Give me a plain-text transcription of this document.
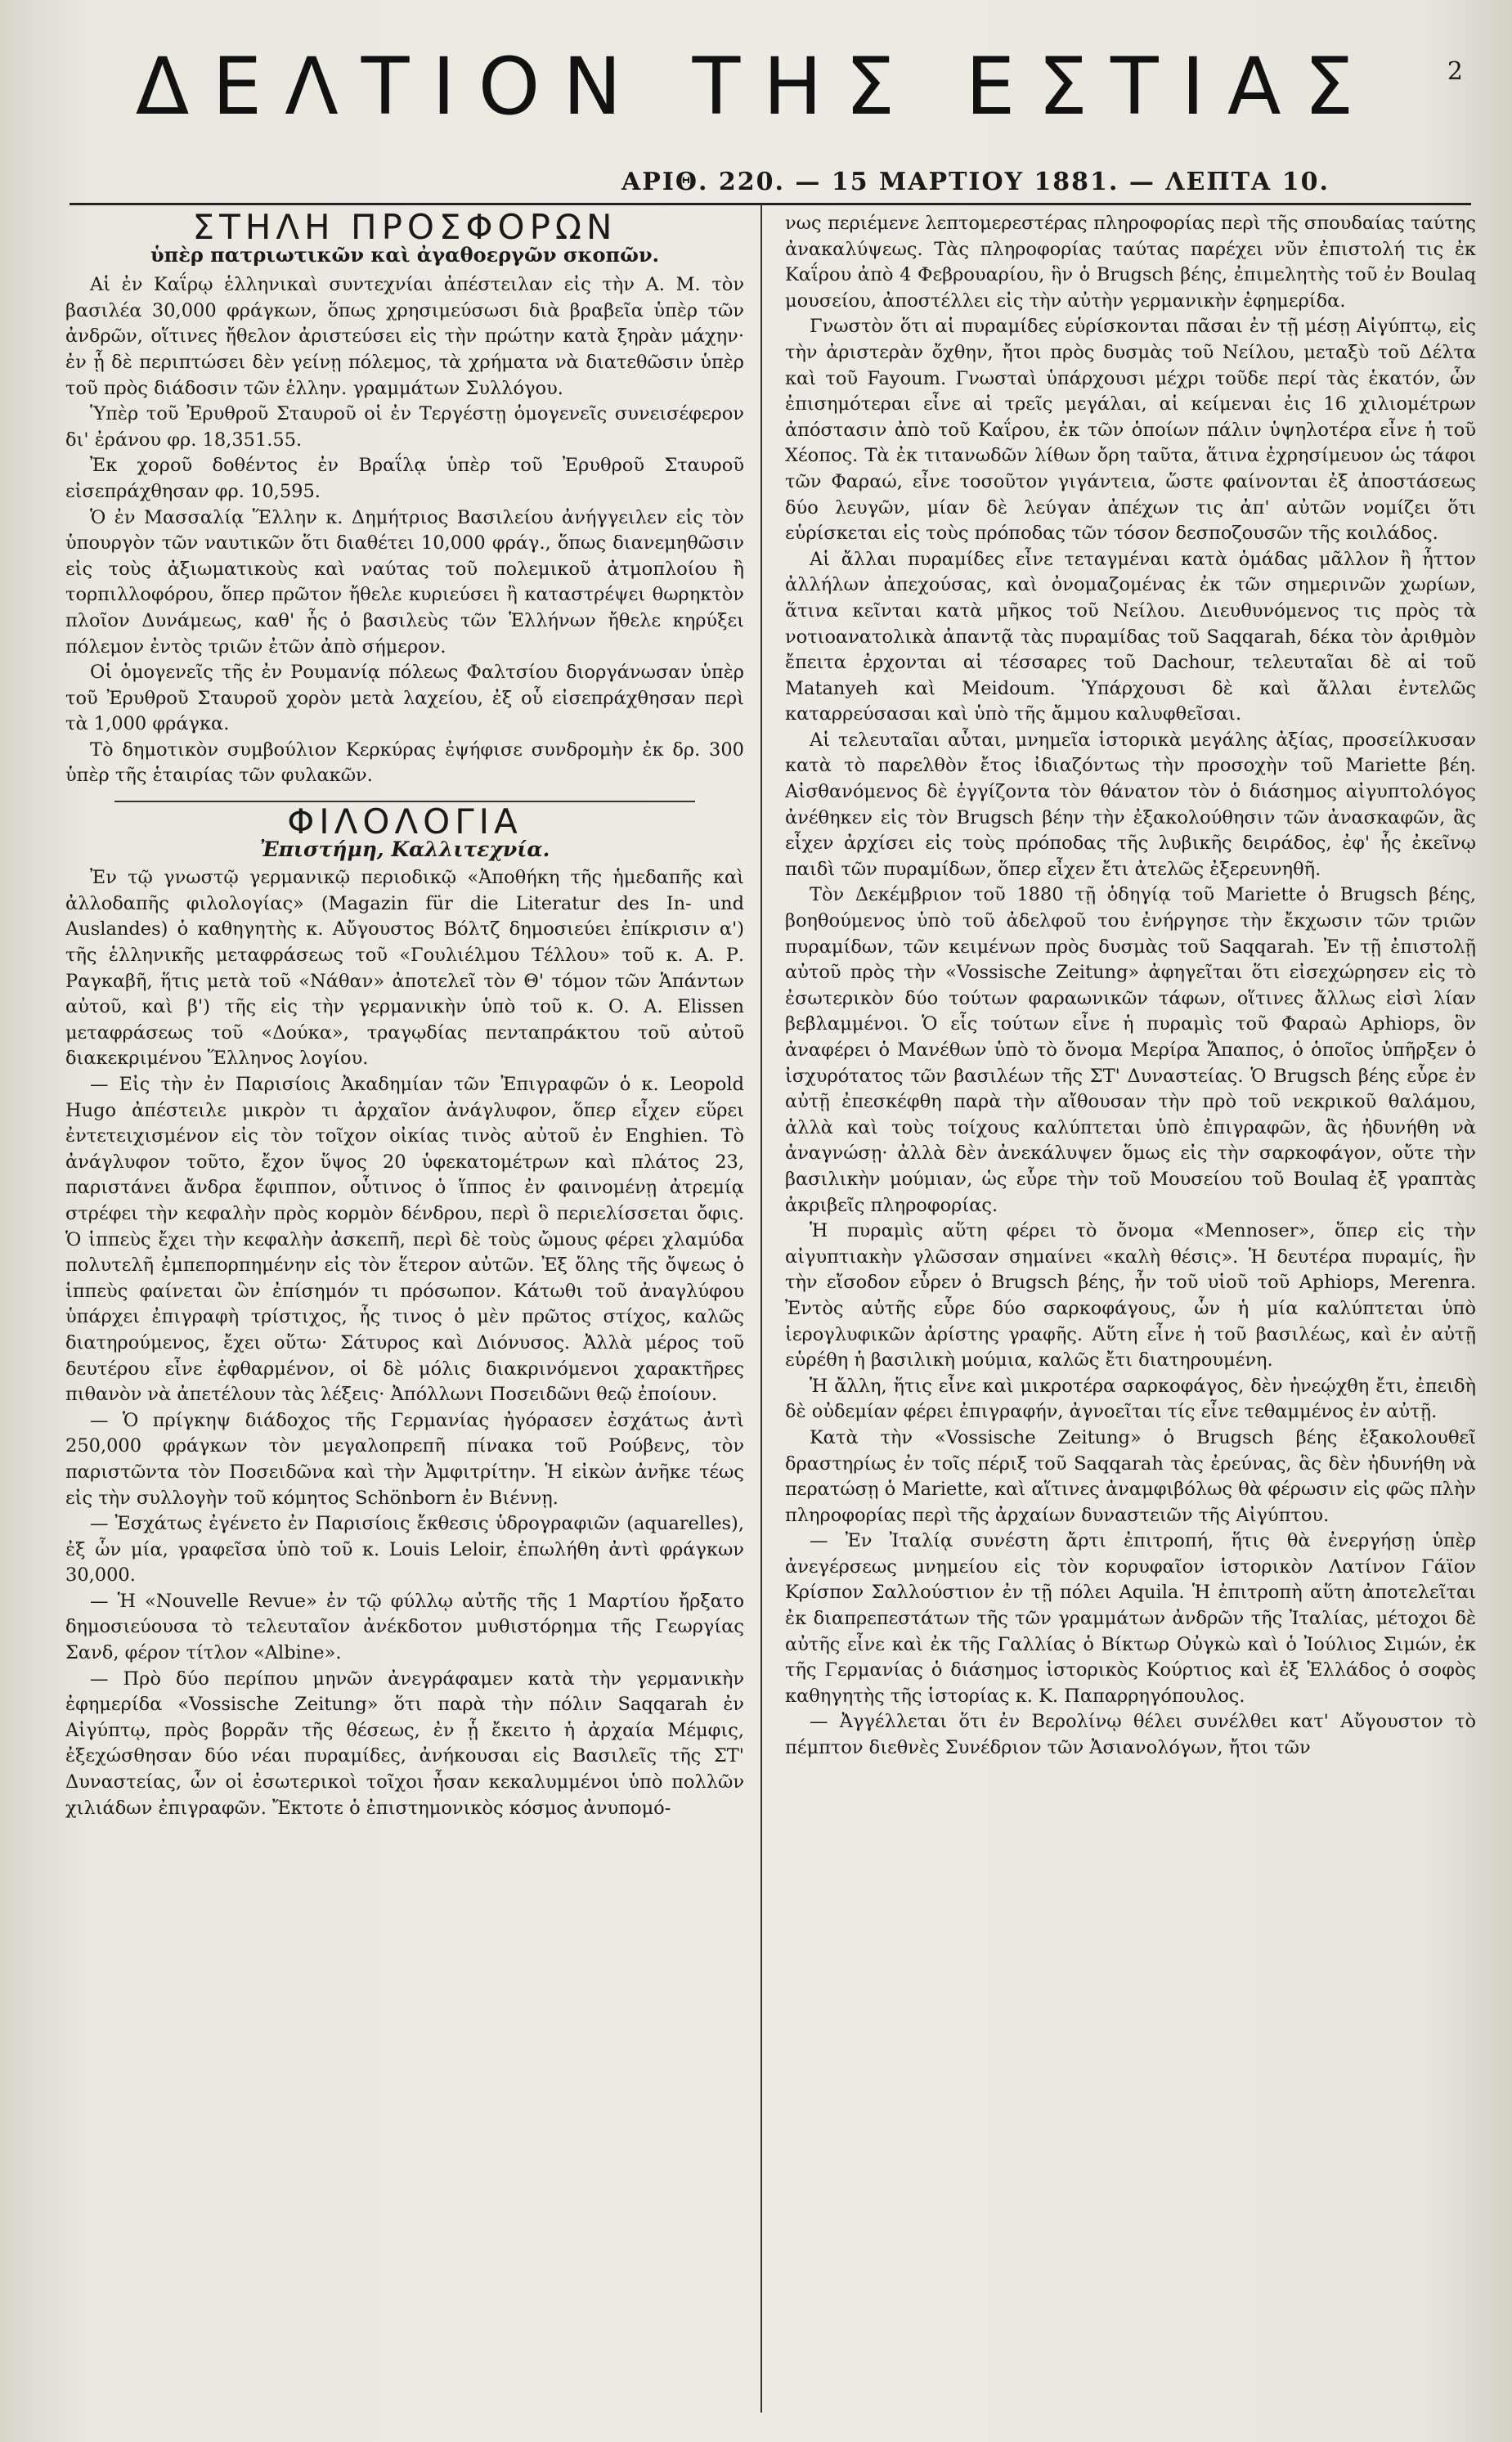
ΔΕΛΤΙΟΝ ΤΗΣ ΕΣΤΙΑΣ	2
ΑΡΙΘ. 220. — 15 ΜΑΡΤΙΟΥ 1881. — ΛΕΠΤΑ 10.
ΣΤΗΛΗ ΠΡΟΣΦΟΡΩΝ
ὑπὲρ πατριωτικῶν καὶ ἀγαθοεργῶν σκοπῶν.

Αἱ ἐν Καΐρῳ ἑλληνικαὶ συντεχνίαι ἀπέστειλαν εἰς τὴν Α. Μ. τὸν βασιλέα 30,000 φράγκων, ὅπως χρησιμεύσωσι διὰ βραβεῖα ὑπὲρ τῶν ἀνδρῶν, οἵτινες ἤθελον ἀριστεύσει εἰς τὴν πρώτην κατὰ ξηρὰν μάχην· ἐν ᾗ δὲ περιπτώσει δὲν γείνῃ πόλεμος, τὰ χρήματα νὰ διατεθῶσιν ὑπὲρ τοῦ πρὸς διάδοσιν τῶν ἑλλην. γραμμάτων Συλλόγου.

Ὑπὲρ τοῦ Ἐρυθροῦ Σταυροῦ οἱ ἐν Τεργέστῃ ὁμογενεῖς συνεισέφερον δι' ἐράνου φρ. 18,351.55.

Ἐκ χοροῦ δοθέντος ἐν Βραΐλᾳ ὑπὲρ τοῦ Ἐρυθροῦ Σταυροῦ εἰσεπράχθησαν φρ. 10,595.

Ὁ ἐν Μασσαλίᾳ Ἕλλην κ. Δημήτριος Βασιλείου ἀνήγγειλεν εἰς τὸν ὑπουργὸν τῶν ναυτικῶν ὅτι διαθέτει 10,000 φράγ., ὅπως διανεμηθῶσιν εἰς τοὺς ἀξιωματικοὺς καὶ ναύτας τοῦ πολεμικοῦ ἀτμοπλοίου ἢ τορπιλλοφόρου, ὅπερ πρῶτον ἤθελε κυριεύσει ἢ καταστρέψει θωρηκτὸν πλοῖον Δυνάμεως, καθ' ἧς ὁ βασιλεὺς τῶν Ἑλλήνων ἤθελε κηρύξει πόλεμον ἐντὸς τριῶν ἐτῶν ἀπὸ σήμερον.

Οἱ ὁμογενεῖς τῆς ἐν Ρουμανίᾳ πόλεως Φαλτσίου διοργάνωσαν ὑπὲρ τοῦ Ἐρυθροῦ Σταυροῦ χορὸν μετὰ λαχείου, ἐξ οὗ εἰσεπράχθησαν περὶ τὰ 1,000 φράγκα.

Τὸ δημοτικὸν συμβούλιον Κερκύρας ἐψήφισε συνδρομὴν ἐκ δρ. 300 ὑπὲρ τῆς ἑταιρίας τῶν φυλακῶν.

ΦΙΛΟΛΟΓΙΑ
Ἐπιστήμη, Καλλιτεχνία.

Ἐν τῷ γνωστῷ γερμανικῷ περιοδικῷ «Ἀποθήκη τῆς ἡμεδαπῆς καὶ ἀλλοδαπῆς φιλολογίας» (Magazin für die Literatur des In- und Auslandes) ὁ καθηγητὴς κ. Αὔγουστος Βόλτζ δημοσιεύει ἐπίκρισιν α') τῆς ἑλληνικῆς μεταφράσεως τοῦ «Γουλιέλμου Τέλλου» τοῦ κ. Α. Ρ. Ραγκαβῆ, ἥτις μετὰ τοῦ «Νάθαν» ἀποτελεῖ τὸν Θ' τόμον τῶν Ἁπάντων αὐτοῦ, καὶ β') τῆς εἰς τὴν γερμανικὴν ὑπὸ τοῦ κ. Ο. Α. Elissen μεταφράσεως τοῦ «Δούκα», τραγῳδίας πενταπράκτου τοῦ αὐτοῦ διακεκριμένου Ἕλληνος λογίου.

— Εἰς τὴν ἐν Παρισίοις Ἀκαδημίαν τῶν Ἐπιγραφῶν ὁ κ. Leopold Hugo ἀπέστειλε μικρὸν τι ἀρχαῖον ἀνάγλυφον, ὅπερ εἶχεν εὕρει ἐντετειχισμένον εἰς τὸν τοῖχον οἰκίας τινὸς αὐτοῦ ἐν Enghien. Τὸ ἀνάγλυφον τοῦτο, ἔχον ὕψος 20 ὑφεκατομέτρων καὶ πλάτος 23, παριστάνει ἄνδρα ἔφιππον, οὗτινος ὁ ἵππος ἐν φαινομένῃ ἀτρεμίᾳ στρέφει τὴν κεφαλὴν πρὸς κορμὸν δένδρου, περὶ ὃ περιελίσσεται ὄφις. Ὁ ἱππεὺς ἔχει τὴν κεφαλὴν ἀσκεπῆ, περὶ δὲ τοὺς ὤμους φέρει χλαμύδα πολυτελῆ ἐμπεπορπημένην εἰς τὸν ἕτερον αὐτῶν. Ἐξ ὅλης τῆς ὄψεως ὁ ἱππεὺς φαίνεται ὢν ἐπίσημόν τι πρόσωπον. Κάτωθι τοῦ ἀναγλύφου ὑπάρχει ἐπιγραφὴ τρίστιχος, ἧς τινος ὁ μὲν πρῶτος στίχος, καλῶς διατηρούμενος, ἔχει οὕτω· Σάτυρος καὶ Διόνυσος. Ἀλλὰ μέρος τοῦ δευτέρου εἶνε ἐφθαρμένον, οἱ δὲ μόλις διακρινόμενοι χαρακτῆρες πιθανὸν νὰ ἀπετέλουν τὰς λέξεις· Ἀπόλλωνι Ποσειδῶνι θεῷ ἐποίουν.

— Ὁ πρίγκηψ διάδοχος τῆς Γερμανίας ἠγόρασεν ἐσχάτως ἀντὶ 250,000 φράγκων τὸν μεγαλοπρεπῆ πίνακα τοῦ Ρούβενς, τὸν παριστῶντα τὸν Ποσειδῶνα καὶ τὴν Ἀμφιτρίτην. Ἡ εἰκὼν ἀνῆκε τέως εἰς τὴν συλλογὴν τοῦ κόμητος Schönborn ἐν Βιέννῃ.

— Ἐσχάτως ἐγένετο ἐν Παρισίοις ἔκθεσις ὑδρογραφιῶν (aquarelles), ἐξ ὧν μία, γραφεῖσα ὑπὸ τοῦ κ. Louis Leloir, ἐπωλήθη ἀντὶ φράγκων 30,000.

— Ἡ «Nouvelle Revue» ἐν τῷ φύλλῳ αὐτῆς τῆς 1 Μαρτίου ἤρξατο δημοσιεύουσα τὸ τελευταῖον ἀνέκδοτον μυθιστόρημα τῆς Γεωργίας Σανδ, φέρον τίτλον «Albine».

— Πρὸ δύο περίπου μηνῶν ἀνεγράφαμεν κατὰ τὴν γερμανικὴν ἐφημερίδα «Vossische Zeitung» ὅτι παρὰ τὴν πόλιν Saqqarah ἐν Αἰγύπτῳ, πρὸς βορρᾶν τῆς θέσεως, ἐν ᾗ ἔκειτο ἡ ἀρχαία Μέμφις, ἐξεχώσθησαν δύο νέαι πυραμίδες, ἀνήκουσαι εἰς Βασιλεῖς τῆς ΣΤ' Δυναστείας, ὧν οἱ ἐσωτερικοὶ τοῖχοι ἦσαν κεκαλυμμένοι ὑπὸ πολλῶν χιλιάδων ἐπιγραφῶν. Ἔκτοτε ὁ ἐπιστημονικὸς κόσμος ἀνυπομό-

νως περιέμενε λεπτομερεστέρας πληροφορίας περὶ τῆς σπουδαίας ταύτης ἀνακαλύψεως. Τὰς πληροφορίας ταύτας παρέχει νῦν ἐπιστολή τις ἐκ Καΐρου ἀπὸ 4 Φεβρουαρίου, ἣν ὁ Brugsch βέης, ἐπιμελητὴς τοῦ ἐν Boulaq μουσείου, ἀποστέλλει εἰς τὴν αὐτὴν γερμανικὴν ἐφημερίδα.

Γνωστὸν ὅτι αἱ πυραμίδες εὑρίσκονται πᾶσαι ἐν τῇ μέσῃ Αἰγύπτῳ, εἰς τὴν ἀριστερὰν ὄχθην, ἤτοι πρὸς δυσμὰς τοῦ Νείλου, μεταξὺ τοῦ Δέλτα καὶ τοῦ Fayoum. Γνωσταὶ ὑπάρχουσι μέχρι τοῦδε περί τὰς ἑκατόν, ὧν ἐπισημότεραι εἶνε αἱ τρεῖς μεγάλαι, αἱ κείμεναι ἐις 16 χιλιομέτρων ἀπόστασιν ἀπὸ τοῦ Καΐρου, ἐκ τῶν ὁποίων πάλιν ὑψηλοτέρα εἶνε ἡ τοῦ Χέοπος. Τὰ ἐκ τιτανωδῶν λίθων ὄρη ταῦτα, ἅτινα ἐχρησίμευον ὡς τάφοι τῶν Φαραώ, εἶνε τοσοῦτον γιγάντεια, ὥστε φαίνονται ἐξ ἀποστάσεως δύο λευγῶν, μίαν δὲ λεύγαν ἀπέχων τις ἀπ' αὐτῶν νομίζει ὅτι εὑρίσκεται εἰς τοὺς πρόποδας τῶν τόσον δεσποζουσῶν τῆς κοιλάδος.

Αἱ ἄλλαι πυραμίδες εἶνε τεταγμέναι κατὰ ὁμάδας μᾶλλον ἢ ἧττον ἀλλήλων ἀπεχούσας, καὶ ὀνομαζομένας ἐκ τῶν σημερινῶν χωρίων, ἅτινα κεῖνται κατὰ μῆκος τοῦ Νείλου. Διευθυνόμενος τις πρὸς τὰ νοτιοανατολικὰ ἀπαντᾷ τὰς πυραμίδας τοῦ Saqqarah, δέκα τὸν ἀριθμὸν ἔπειτα ἐρχονται αἱ τέσσαρες τοῦ Dachour, τελευταῖαι δὲ αἱ τοῦ Matanyeh καὶ Meidoum. Ὑπάρχουσι δὲ καὶ ἄλλαι ἐντελῶς καταρρεύσασαι καὶ ὑπὸ τῆς ἄμμου καλυφθεῖσαι.

Αἱ τελευταῖαι αὗται, μνημεῖα ἱστορικὰ μεγάλης ἀξίας, προσείλκυσαν κατὰ τὸ παρελθὸν ἔτος ἰδιαζόντως τὴν προσοχὴν τοῦ Mariette βέη. Αἰσθανόμενος δὲ ἐγγίζοντα τὸν θάνατον τὸν ὁ διάσημος αἰγυπτολόγος ἀνέθηκεν εἰς τὸν Brugsch βέην τὴν ἐξακολούθησιν τῶν ἀνασκαφῶν, ἃς εἶχεν ἀρχίσει εἰς τοὺς πρόποδας τῆς λυβικῆς δειράδος, ἐφ' ἧς ἐκεῖνῳ παιδὶ τῶν πυραμίδων, ὅπερ εἶχεν ἔτι ἀτελῶς ἐξερευνηθῆ.

Τὸν Δεκέμβριον τοῦ 1880 τῇ ὁδηγίᾳ τοῦ Mariette ὁ Brugsch βέης, βοηθούμενος ὑπὸ τοῦ ἀδελφοῦ του ἐνήργησε τὴν ἔκχωσιν τῶν τριῶν πυραμίδων, τῶν κειμένων πρὸς δυσμὰς τοῦ Saqqarah. Ἐν τῇ ἐπιστολῇ αὐτοῦ πρὸς τὴν «Vossische Zeitung» ἀφηγεῖται ὅτι εἰσεχώρησεν εἰς τὸ ἐσωτερικὸν δύο τούτων φαραωνικῶν τάφων, οἵτινες ἄλλως εἰσὶ λίαν βεβλαμμένοι. Ὁ εἷς τούτων εἶνε ἡ πυραμὶς τοῦ Φαραὼ Aphiops, ὃν ἀναφέρει ὁ Μανέθων ὑπὸ τὸ ὄνομα Μερίρα Ἄπαπος, ὁ ὁποῖος ὑπῆρξεν ὁ ἰσχυρότατος τῶν βασιλέων τῆς ΣΤ' Δυναστείας. Ὁ Brugsch βέης εὗρε ἐν αὐτῇ ἐπεσκέφθη παρὰ τὴν αἴθουσαν τὴν πρὸ τοῦ νεκρικοῦ θαλάμου, ἀλλὰ καὶ τοὺς τοίχους καλύπτεται ὑπὸ ἐπιγραφῶν, ἃς ἠδυνήθη νὰ ἀναγνώσῃ· ἀλλὰ δὲν ἀνεκάλυψεν ὅμως εἰς τὴν σαρκοφάγον, οὔτε τὴν βασιλικὴν μούμιαν, ὡς εὗρε τὴν τοῦ Μουσείου τοῦ Boulaq ἐξ γραπτὰς ἀκριβεῖς πληροφορίας.

Ἡ πυραμὶς αὕτη φέρει τὸ ὄνομα «Mennoser», ὅπερ εἰς τὴν αἰγυπτιακὴν γλῶσσαν σημαίνει «καλὴ θέσις». Ἡ δευτέρα πυραμίς, ἣν τὴν εἴσοδον εὗρεν ὁ Brugsch βέης, ἦν τοῦ υἱοῦ τοῦ Aphiops, Merenra. Ἐντὸς αὐτῆς εὗρε δύο σαρκοφάγους, ὧν ἡ μία καλύπτεται ὑπὸ ἱερογλυφικῶν ἀρίστης γραφῆς. Αὕτη εἶνε ἡ τοῦ βασιλέως, καὶ ἐν αὐτῇ εὑρέθη ἡ βασιλικὴ μούμια, καλῶς ἔτι διατηρουμένη.

Ἡ ἄλλη, ἥτις εἶνε καὶ μικροτέρα σαρκοφάγος, δὲν ἠνεῴχθη ἔτι, ἐπειδὴ δὲ οὐδεμίαν φέρει ἐπιγραφήν, ἀγνοεῖται τίς εἶνε τεθαμμένος ἐν αὐτῇ.

Κατὰ τὴν «Vossische Zeitung» ὁ Brugsch βέης ἐξακολουθεῖ δραστηρίως ἐν τοῖς πέριξ τοῦ Saqqarah τὰς ἐρεύνας, ἃς δὲν ἠδυνήθη νὰ περατώσῃ ὁ Mariette, καὶ αἵτινες ἀναμφιβόλως θὰ φέρωσιν εἰς φῶς πλὴν πληροφορίας περὶ τῆς ἀρχαίων δυναστειῶν τῆς Αἰγύπτου.

— Ἐν Ἰταλίᾳ συνέστη ἄρτι ἐπιτροπή, ἥτις θὰ ἐνεργήσῃ ὑπὲρ ἀνεγέρσεως μνημείου εἰς τὸν κορυφαῖον ἱστορικὸν Λατίνον Γάϊον Κρίσπον Σαλλούστιον ἐν τῇ πόλει Aquila. Ἡ ἐπιτροπὴ αὕτη ἀποτελεῖται ἐκ διαπρεπεστάτων τῆς τῶν γραμμάτων ἀνδρῶν τῆς Ἰταλίας, μέτοχοι δὲ αὐτῆς εἶνε καὶ ἐκ τῆς Γαλλίας ὁ Βίκτωρ Οὐγκὼ καὶ ὁ Ἰούλιος Σιμών, ἐκ τῆς Γερμανίας ὁ διάσημος ἱστορικὸς Κούρτιος καὶ ἐξ Ἑλλάδος ὁ σοφὸς καθηγητὴς τῆς ἱστορίας κ. Κ. Παπαρρηγόπουλος.

— Ἀγγέλλεται ὅτι ἐν Βερολίνῳ θέλει συνέλθει κατ' Αὔγουστον τὸ πέμπτον διεθνὲς Συνέδριον τῶν Ἀσιανολόγων, ἤτοι τῶν
